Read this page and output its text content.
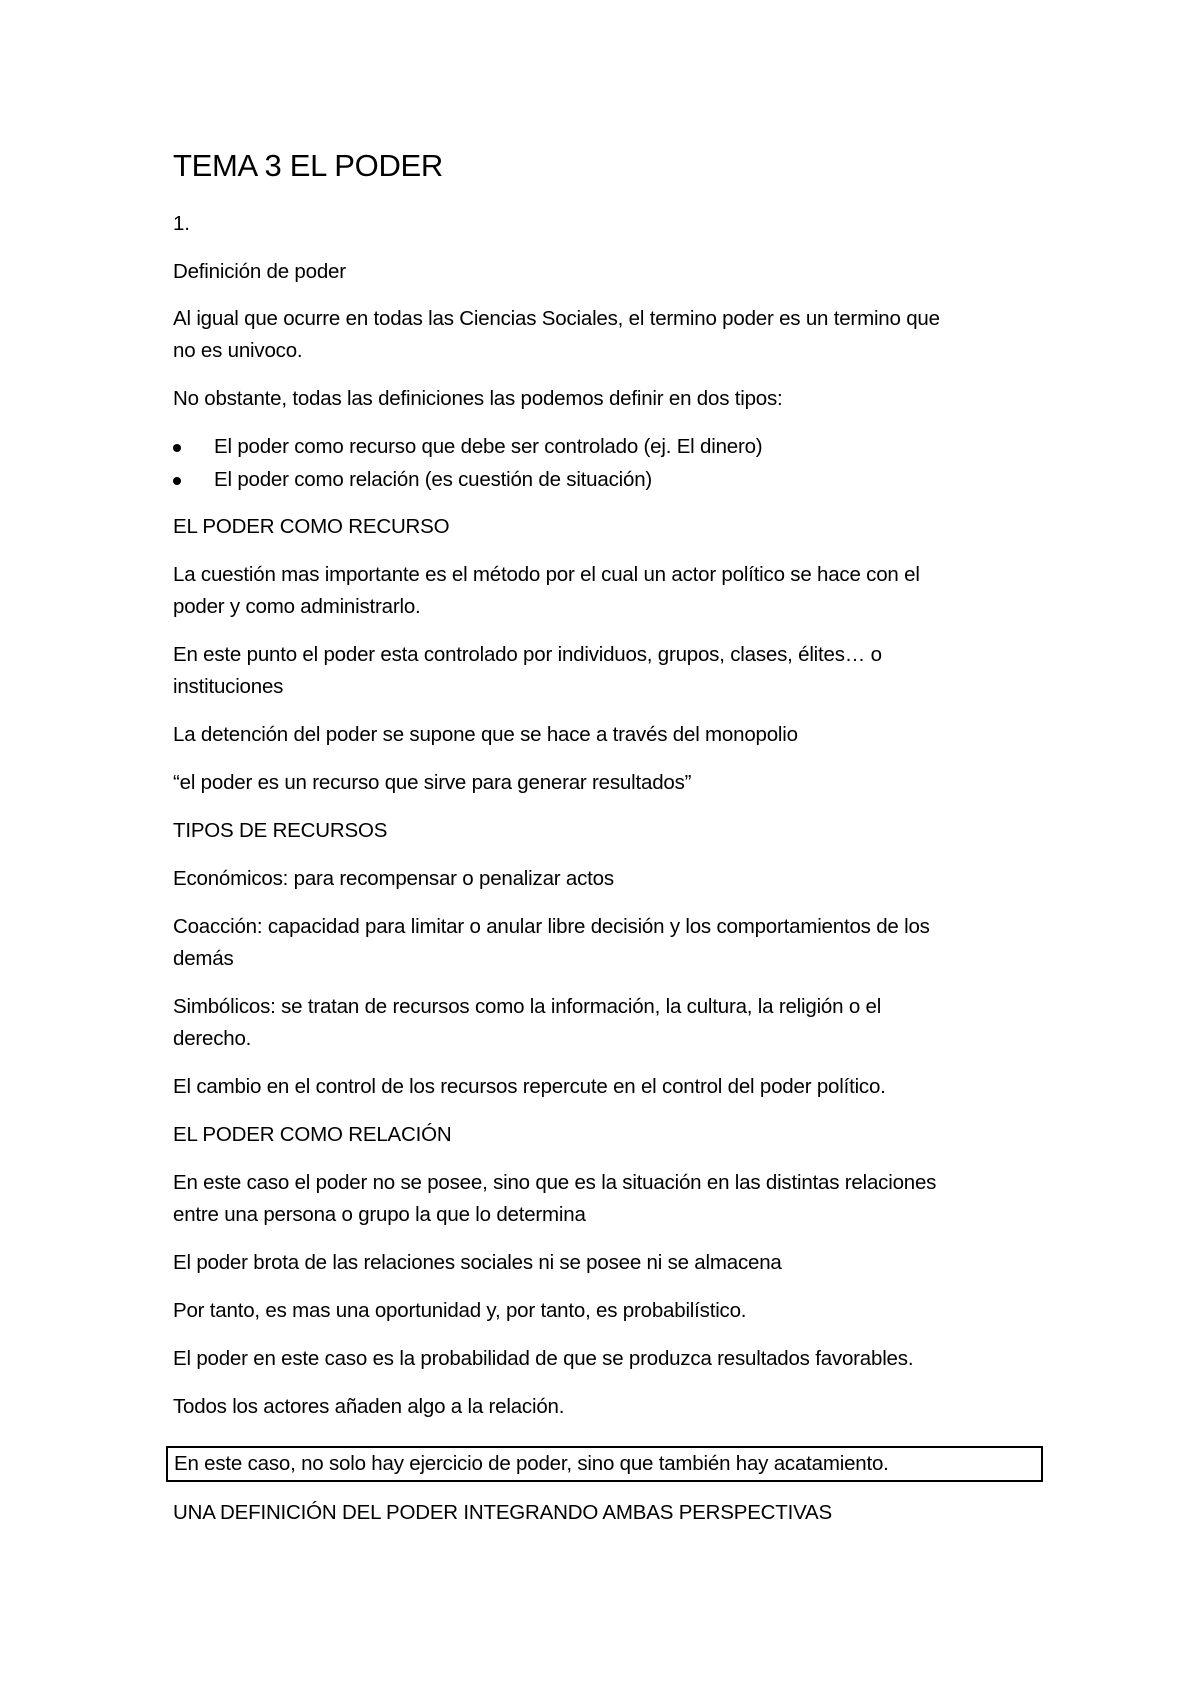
TEMA 3 EL PODER
1.
Definición de poder
Al igual que ocurre en todas las Ciencias Sociales, el termino poder es un termino que
no es univoco.
No obstante, todas las definiciones las podemos definir en dos tipos:
El poder como recurso que debe ser controlado (ej. El dinero)
El poder como relación (es cuestión de situación)
EL PODER COMO RECURSO
La cuestión mas importante es el método por el cual un actor político se hace con el
poder y como administrarlo.
En este punto el poder esta controlado por individuos, grupos, clases, élites… o
instituciones
La detención del poder se supone que se hace a través del monopolio
“el poder es un recurso que sirve para generar resultados”
TIPOS DE RECURSOS
Económicos: para recompensar o penalizar actos
Coacción: capacidad para limitar o anular libre decisión y los comportamientos de los
demás
Simbólicos: se tratan de recursos como la información, la cultura, la religión o el
derecho.
El cambio en el control de los recursos repercute en el control del poder político.
EL PODER COMO RELACIÓN
En este caso el poder no se posee, sino que es la situación en las distintas relaciones
entre una persona o grupo la que lo determina
El poder brota de las relaciones sociales ni se posee ni se almacena
Por tanto, es mas una oportunidad y, por tanto, es probabilístico.
El poder en este caso es la probabilidad de que se produzca resultados favorables.
Todos los actores añaden algo a la relación.
En este caso, no solo hay ejercicio de poder, sino que también hay acatamiento.
UNA DEFINICIÓN DEL PODER INTEGRANDO AMBAS PERSPECTIVAS
